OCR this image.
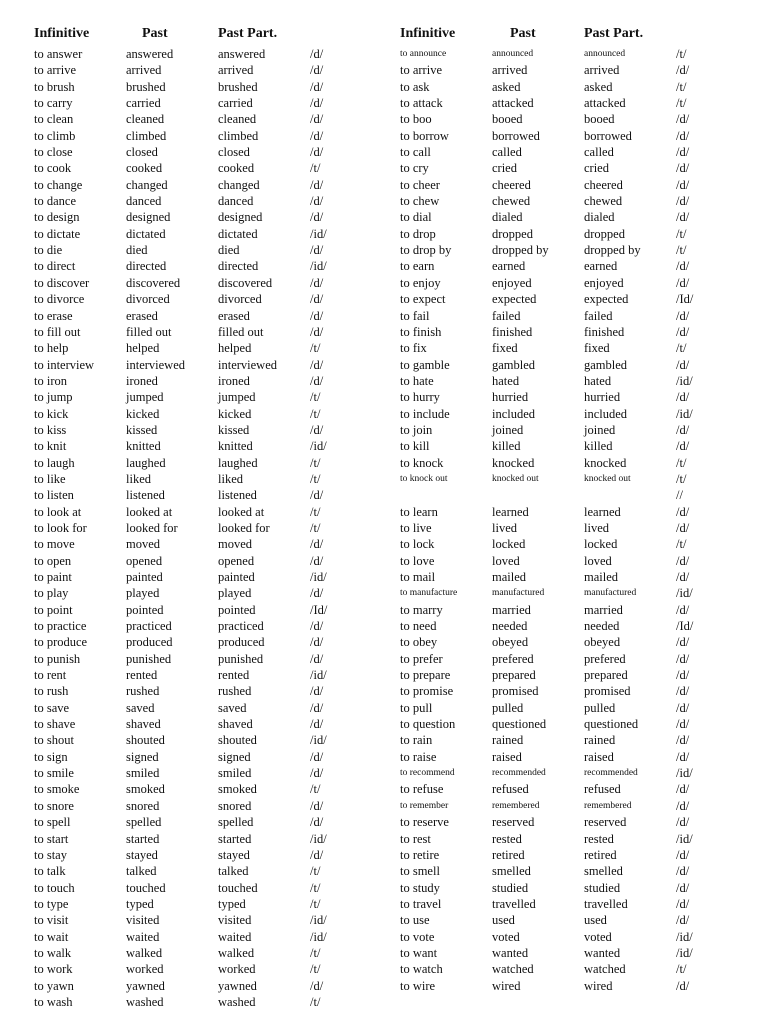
Infinitive	Past	Past Part.
to answer	answered	answered	/d/
to arrive	arrived	arrived	/d/
to brush	brushed	brushed	/d/
to carry	carried	carried	/d/
to clean	cleaned	cleaned	/d/
to climb	climbed	climbed	/d/
to close	closed	closed	/d/
to cook	cooked	cooked	/t/
to change	changed	changed	/d/
to dance	danced	danced	/d/
to design	designed	designed	/d/
to dictate	dictated	dictated	/id/
to die	died	died	/d/
to direct	directed	directed	/id/
to discover	discovered	discovered	/d/
to divorce	divorced	divorced	/d/
to erase	erased	erased	/d/
to fill out	filled out	filled out	/d/
to help	helped	helped	/t/
to interview	interviewed	interviewed	/d/
to iron	ironed	ironed	/d/
to jump	jumped	jumped	/t/
to kick	kicked	kicked	/t/
to kiss	kissed	kissed	/d/
to knit	knitted	knitted	/id/
to laugh	laughed	laughed	/t/
to like	liked	liked	/t/
to listen	listened	listened	/d/
to look at	looked at	looked at	/t/
to look for	looked for	looked for	/t/
to move	moved	moved	/d/
to open	opened	opened	/d/
to paint	painted	painted	/id/
to play	played	played	/d/
to point	pointed	pointed	/Id/
to practice	practiced	practiced	/d/
to produce	produced	produced	/d/
to punish	punished	punished	/d/
to rent	rented	rented	/id/
to rush	rushed	rushed	/d/
to save	saved	saved	/d/
to shave	shaved	shaved	/d/
to shout	shouted	shouted	/id/
to sign	signed	signed	/d/
to smile	smiled	smiled	/d/
to smoke	smoked	smoked	/t/
to snore	snored	snored	/d/
to spell	spelled	spelled	/d/
to start	started	started	/id/
to stay	stayed	stayed	/d/
to talk	talked	talked	/t/
to touch	touched	touched	/t/
to type	typed	typed	/t/
to visit	visited	visited	/id/
to wait	waited	waited	/id/
to walk	walked	walked	/t/
to work	worked	worked	/t/
to yawn	yawned	yawned	/d/
to wash	washed	washed	/t/
Infinitive	Past	Past Part.
to announce	announced	announced	/t/
to arrive	arrived	arrived	/d/
to ask	asked	asked	/t/
to attack	attacked	attacked	/t/
to boo	booed	booed	/d/
to borrow	borrowed	borrowed	/d/
to call	called	called	/d/
to cry	cried	cried	/d/
to cheer	cheered	cheered	/d/
to chew	chewed	chewed	/d/
to dial	dialed	dialed	/d/
to drop	dropped	dropped	/t/
to drop by	dropped by	dropped by	/t/
to earn	earned	earned	/d/
to enjoy	enjoyed	enjoyed	/d/
to expect	expected	expected	/Id/
to fail	failed	failed	/d/
to finish	finished	finished	/d/
to fix	fixed	fixed	/t/
to gamble	gambled	gambled	/d/
to hate	hated	hated	/id/
to hurry	hurried	hurried	/d/
to include	included	included	/id/
to join	joined	joined	/d/
to kill	killed	killed	/d/
to knock	knocked	knocked	/t/
to knock out	knocked out	knocked out	/t/
//
to learn	learned	learned	/d/
to live	lived	lived	/d/
to lock	locked	locked	/t/
to love	loved	loved	/d/
to mail	mailed	mailed	/d/
to manufacture	manufactured	manufactured	/id/
to marry	married	married	/d/
to need	needed	needed	/Id/
to obey	obeyed	obeyed	/d/
to prefer	prefered	prefered	/d/
to prepare	prepared	prepared	/d/
to promise	promised	promised	/d/
to pull	pulled	pulled	/d/
to question	questioned	questioned	/d/
to rain	rained	rained	/d/
to raise	raised	raised	/d/
to recommend	recommended	recommended	/id/
to refuse	refused	refused	/d/
to remember	remembered	remembered	/d/
to reserve	reserved	reserved	/d/
to rest	rested	rested	/id/
to retire	retired	retired	/d/
to smell	smelled	smelled	/d/
to study	studied	studied	/d/
to travel	travelled	travelled	/d/
to use	used	used	/d/
to vote	voted	voted	/id/
to want	wanted	wanted	/id/
to watch	watched	watched	/t/
to wire	wired	wired	/d/
